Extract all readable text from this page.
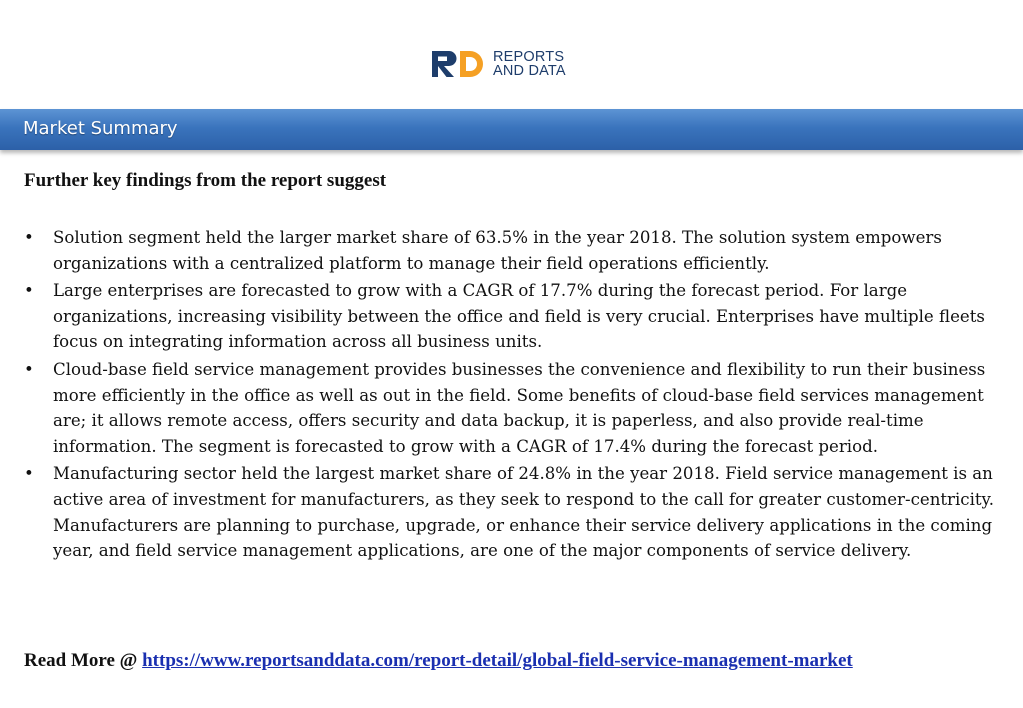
REPORTS
AND DATA
Market Summary
Further key findings from the report suggest
• Solution segment held the larger market share of 63.5% in the year 2018. The solution system empowers organizations with a centralized platform to manage their field operations efficiently.
• Large enterprises are forecasted to grow with a CAGR of 17.7% during the forecast period. For large organizations, increasing visibility between the office and field is very crucial. Enterprises have multiple fleets focus on integrating information across all business units.
• Cloud-base field service management provides businesses the convenience and flexibility to run their business more efficiently in the office as well as out in the field. Some benefits of cloud-base field services management are; it allows remote access, offers security and data backup, it is paperless, and also provide real-time information. The segment is forecasted to grow with a CAGR of 17.4% during the forecast period.
• Manufacturing sector held the largest market share of 24.8% in the year 2018. Field service management is an active area of investment for manufacturers, as they seek to respond to the call for greater customer-centricity. Manufacturers are planning to purchase, upgrade, or enhance their service delivery applications in the coming year, and field service management applications, are one of the major components of service delivery.

Read More @ https://www.reportsanddata.com/report-detail/global-field-service-management-market
